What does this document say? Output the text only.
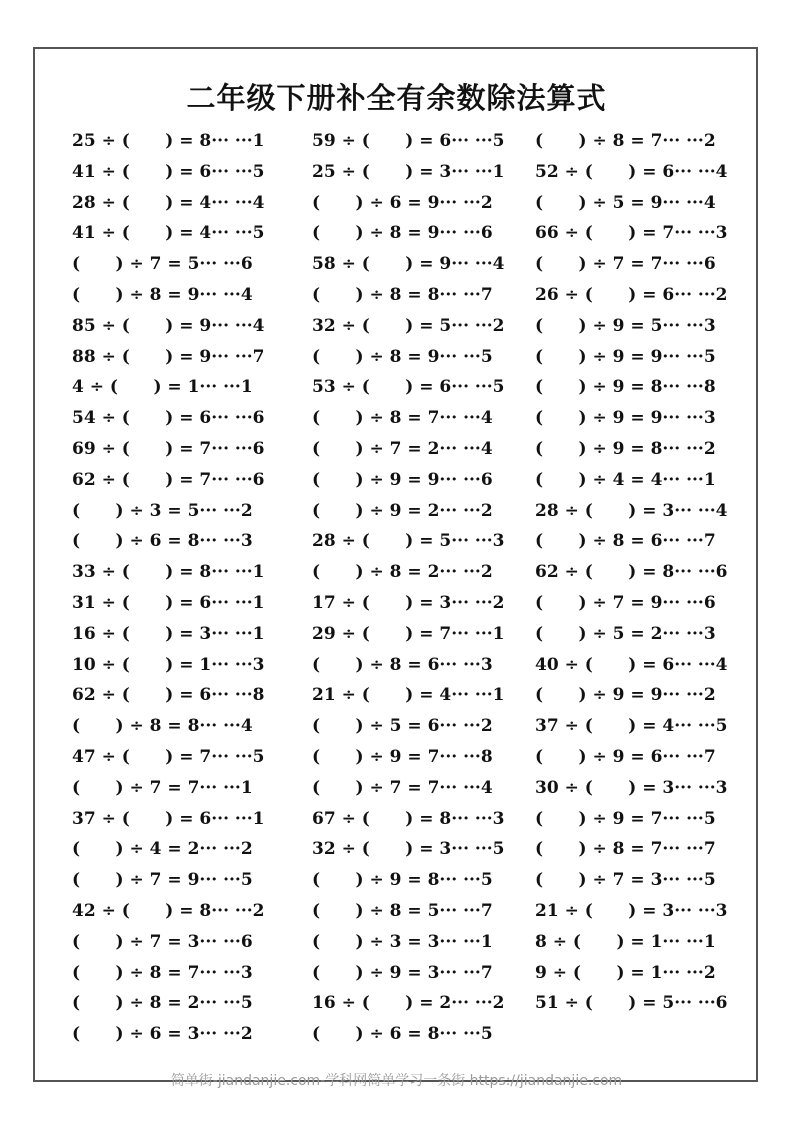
二年级下册补全有余数除法算式
25 ÷ (      ) = 8··· ···1
41 ÷ (      ) = 6··· ···5
28 ÷ (      ) = 4··· ···4
41 ÷ (      ) = 4··· ···5
(      ) ÷ 7 = 5··· ···6
(      ) ÷ 8 = 9··· ···4
85 ÷ (      ) = 9··· ···4
88 ÷ (      ) = 9··· ···7
4 ÷ (      ) = 1··· ···1
54 ÷ (      ) = 6··· ···6
69 ÷ (      ) = 7··· ···6
62 ÷ (      ) = 7··· ···6
(      ) ÷ 3 = 5··· ···2
(      ) ÷ 6 = 8··· ···3
33 ÷ (      ) = 8··· ···1
31 ÷ (      ) = 6··· ···1
16 ÷ (      ) = 3··· ···1
10 ÷ (      ) = 1··· ···3
62 ÷ (      ) = 6··· ···8
(      ) ÷ 8 = 8··· ···4
47 ÷ (      ) = 7··· ···5
(      ) ÷ 7 = 7··· ···1
37 ÷ (      ) = 6··· ···1
(      ) ÷ 4 = 2··· ···2
(      ) ÷ 7 = 9··· ···5
42 ÷ (      ) = 8··· ···2
(      ) ÷ 7 = 3··· ···6
(      ) ÷ 8 = 7··· ···3
(      ) ÷ 8 = 2··· ···5
(      ) ÷ 6 = 3··· ···2
59 ÷ (      ) = 6··· ···5
25 ÷ (      ) = 3··· ···1
(      ) ÷ 6 = 9··· ···2
(      ) ÷ 8 = 9··· ···6
58 ÷ (      ) = 9··· ···4
(      ) ÷ 8 = 8··· ···7
32 ÷ (      ) = 5··· ···2
(      ) ÷ 8 = 9··· ···5
53 ÷ (      ) = 6··· ···5
(      ) ÷ 8 = 7··· ···4
(      ) ÷ 7 = 2··· ···4
(      ) ÷ 9 = 9··· ···6
(      ) ÷ 9 = 2··· ···2
28 ÷ (      ) = 5··· ···3
(      ) ÷ 8 = 2··· ···2
17 ÷ (      ) = 3··· ···2
29 ÷ (      ) = 7··· ···1
(      ) ÷ 8 = 6··· ···3
21 ÷ (      ) = 4··· ···1
(      ) ÷ 5 = 6··· ···2
(      ) ÷ 9 = 7··· ···8
(      ) ÷ 7 = 7··· ···4
67 ÷ (      ) = 8··· ···3
32 ÷ (      ) = 3··· ···5
(      ) ÷ 9 = 8··· ···5
(      ) ÷ 8 = 5··· ···7
(      ) ÷ 3 = 3··· ···1
(      ) ÷ 9 = 3··· ···7
16 ÷ (      ) = 2··· ···2
(      ) ÷ 6 = 8··· ···5
(      ) ÷ 8 = 7··· ···2
52 ÷ (      ) = 6··· ···4
(      ) ÷ 5 = 9··· ···4
66 ÷ (      ) = 7··· ···3
(      ) ÷ 7 = 7··· ···6
26 ÷ (      ) = 6··· ···2
(      ) ÷ 9 = 5··· ···3
(      ) ÷ 9 = 9··· ···5
(      ) ÷ 9 = 8··· ···8
(      ) ÷ 9 = 9··· ···3
(      ) ÷ 9 = 8··· ···2
(      ) ÷ 4 = 4··· ···1
28 ÷ (      ) = 3··· ···4
(      ) ÷ 8 = 6··· ···7
62 ÷ (      ) = 8··· ···6
(      ) ÷ 7 = 9··· ···6
(      ) ÷ 5 = 2··· ···3
40 ÷ (      ) = 6··· ···4
(      ) ÷ 9 = 9··· ···2
37 ÷ (      ) = 4··· ···5
(      ) ÷ 9 = 6··· ···7
30 ÷ (      ) = 3··· ···3
(      ) ÷ 9 = 7··· ···5
(      ) ÷ 8 = 7··· ···7
(      ) ÷ 7 = 3··· ···5
21 ÷ (      ) = 3··· ···3
8 ÷ (      ) = 1··· ···1
9 ÷ (      ) = 1··· ···2
51 ÷ (      ) = 5··· ···6
简单街-jiandanjie.com-学科网简单学习一条街 https://jiandanjie.com
